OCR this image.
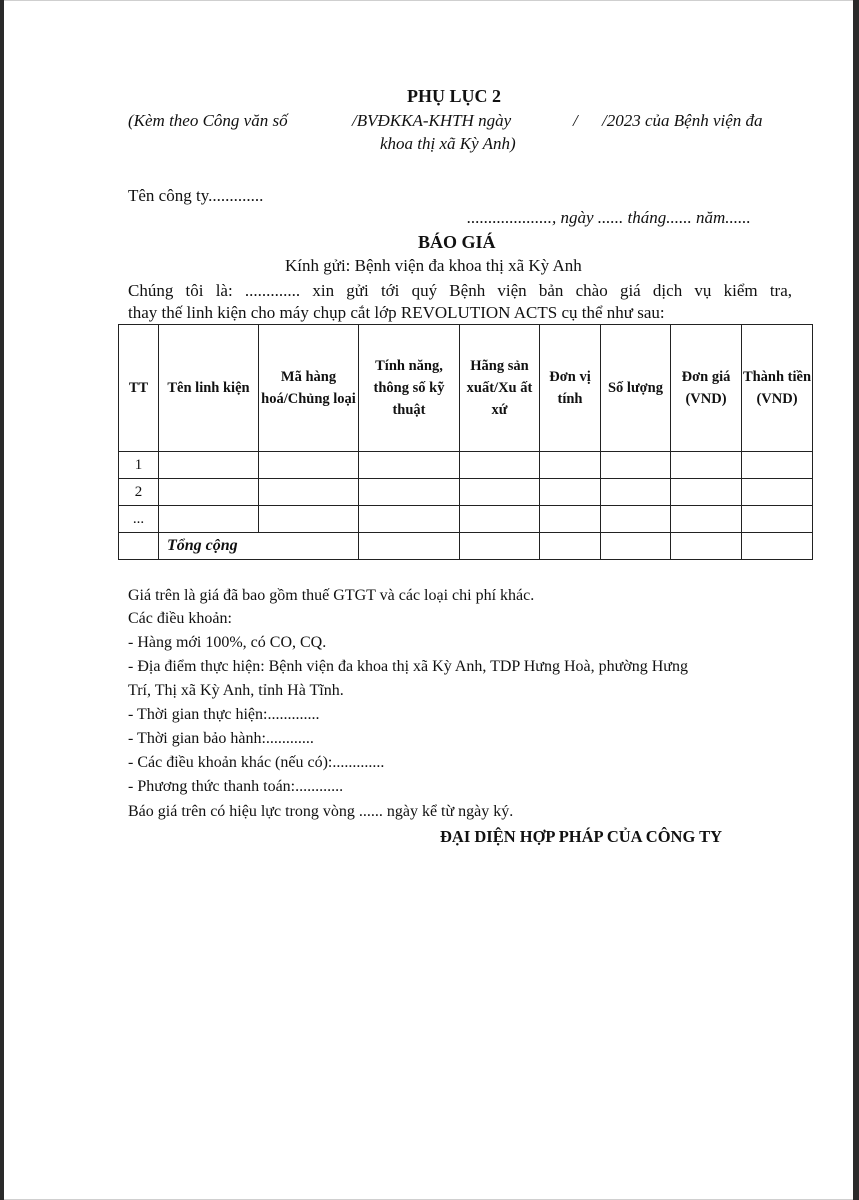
PHỤ LỤC 2
(Kèm theo Công văn số	/BVĐKKA-KHTH ngày	/ /2023 của Bệnh viện đa
khoa thị xã Kỳ Anh)
Tên công ty.............
...................., ngày ...... tháng...... năm......
BÁO GIÁ
Kính gửi: Bệnh viện đa khoa thị xã Kỳ Anh
Chúng tôi là: ............. xin gửi tới quý Bệnh viện bản chào giá dịch vụ kiểm tra,
thay thế linh kiện cho máy chụp cắt lớp REVOLUTION ACTS cụ thể như sau:
TT	Tên linh kiện	Mã hàng hoá/Chủng loại	Tính năng, thông số kỹ thuật	Hãng sản xuất/Xu ất xứ	Đơn vị tính	Số lượng	Đơn giá (VND)	Thành tiền (VND)
1								
2								
...								
	Tổng cộng							
Giá trên là giá đã bao gồm thuế GTGT và các loại chi phí khác.
Các điều khoản:
- Hàng mới 100%, có CO, CQ.
- Địa điểm thực hiện: Bệnh viện đa khoa thị xã Kỳ Anh, TDP Hưng Hoà, phường Hưng
Trí, Thị xã Kỳ Anh, tỉnh Hà Tĩnh.
- Thời gian thực hiện:.............
- Thời gian bảo hành:............
- Các điều khoản khác (nếu có):.............
- Phương thức thanh toán:............
Báo giá trên có hiệu lực trong vòng ...... ngày kể từ ngày ký.
ĐẠI DIỆN HỢP PHÁP CỦA CÔNG TY
